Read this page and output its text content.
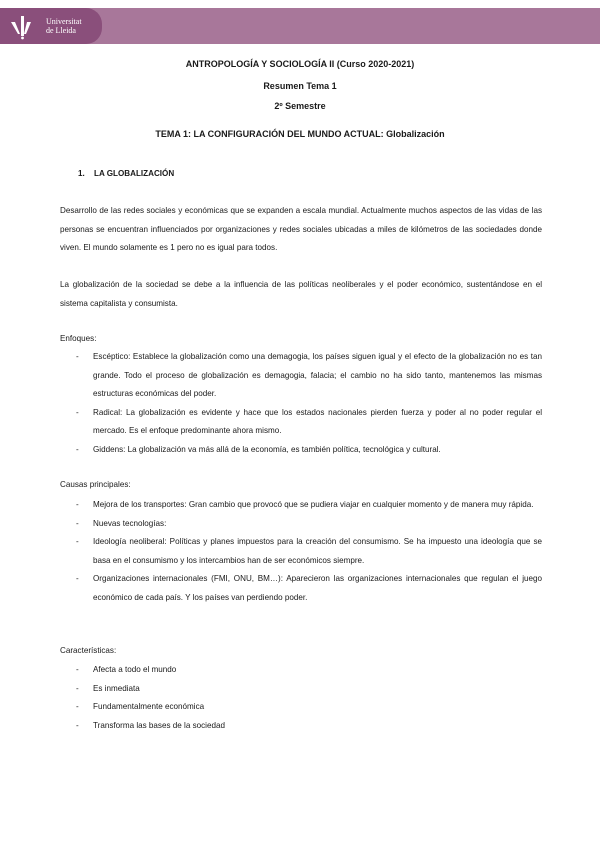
Universitat
de Lleida
ANTROPOLOGÍA Y SOCIOLOGÍA II (Curso 2020-2021)
Resumen Tema 1
2º Semestre
TEMA 1: LA CONFIGURACIÓN DEL MUNDO ACTUAL: Globalización
1. LA GLOBALIZACIÓN
Desarrollo de las redes sociales y económicas que se expanden a escala mundial. Actualmente muchos aspectos de las vidas de las personas se encuentran influenciados por organizaciones y redes sociales ubicadas a miles de kilómetros de las sociedades donde viven. El mundo solamente es 1 pero no es igual para todos.
La globalización de la sociedad se debe a la influencia de las políticas neoliberales y el poder económico, sustentándose en el sistema capitalista y consumista.
Enfoques:
- Escéptico: Establece la globalización como una demagogia, los países siguen igual y el efecto de la globalización no es tan grande. Todo el proceso de globalización es demagogia, falacia; el cambio no ha sido tanto, mantenemos las mismas estructuras económicas del poder.
- Radical: La globalización es evidente y hace que los estados nacionales pierden fuerza y poder al no poder regular el mercado. Es el enfoque predominante ahora mismo.
- Giddens: La globalización va más allá de la economía, es también política, tecnológica y cultural.
Causas principales:
- Mejora de los transportes: Gran cambio que provocó que se pudiera viajar en cualquier momento y de manera muy rápida.
- Nuevas tecnologías:
- Ideología neoliberal: Políticas y planes impuestos para la creación del consumismo. Se ha impuesto una ideología que se basa en el consumismo y los intercambios han de ser económicos siempre.
- Organizaciones internacionales (FMI, ONU, BM…): Aparecieron las organizaciones internacionales que regulan el juego económico de cada país. Y los países van perdiendo poder.
Características:
- Afecta a todo el mundo
- Es inmediata
- Fundamentalmente económica
- Transforma las bases de la sociedad
